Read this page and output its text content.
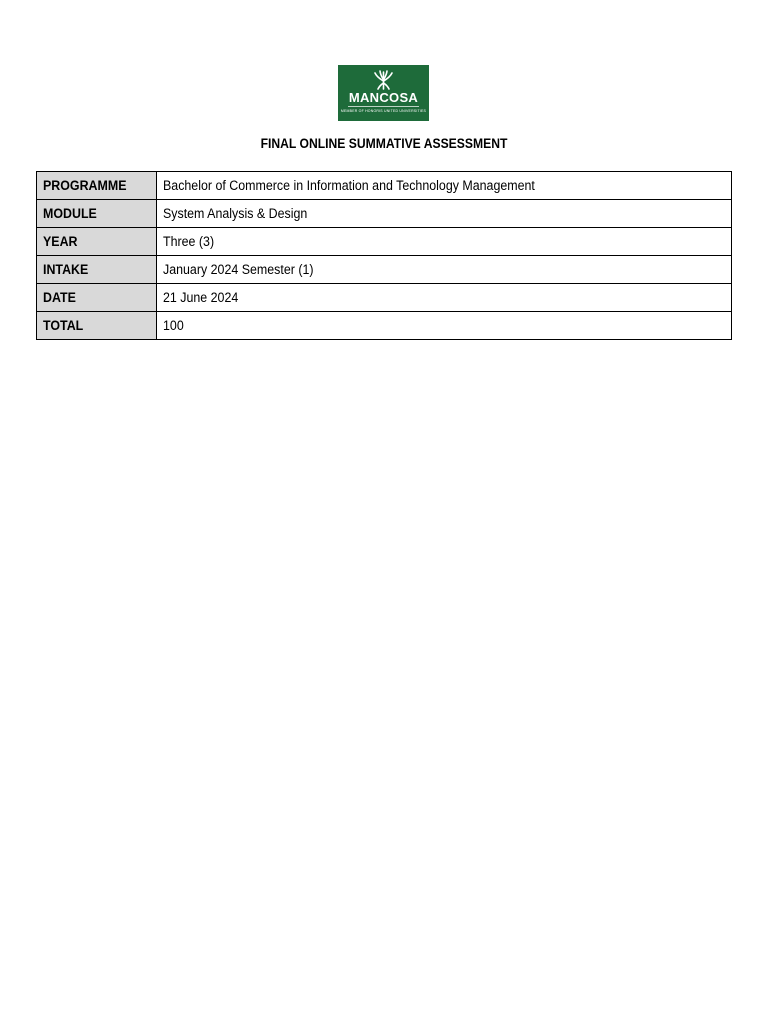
MANCOSA
MEMBER OF HONORIS UNITED UNIVERSITIES
FINAL ONLINE SUMMATIVE ASSESSMENT
PROGRAMME	Bachelor of Commerce in Information and Technology Management
MODULE	System Analysis & Design
YEAR	Three (3)
INTAKE	January 2024 Semester (1)
DATE	21 June 2024
TOTAL	100
